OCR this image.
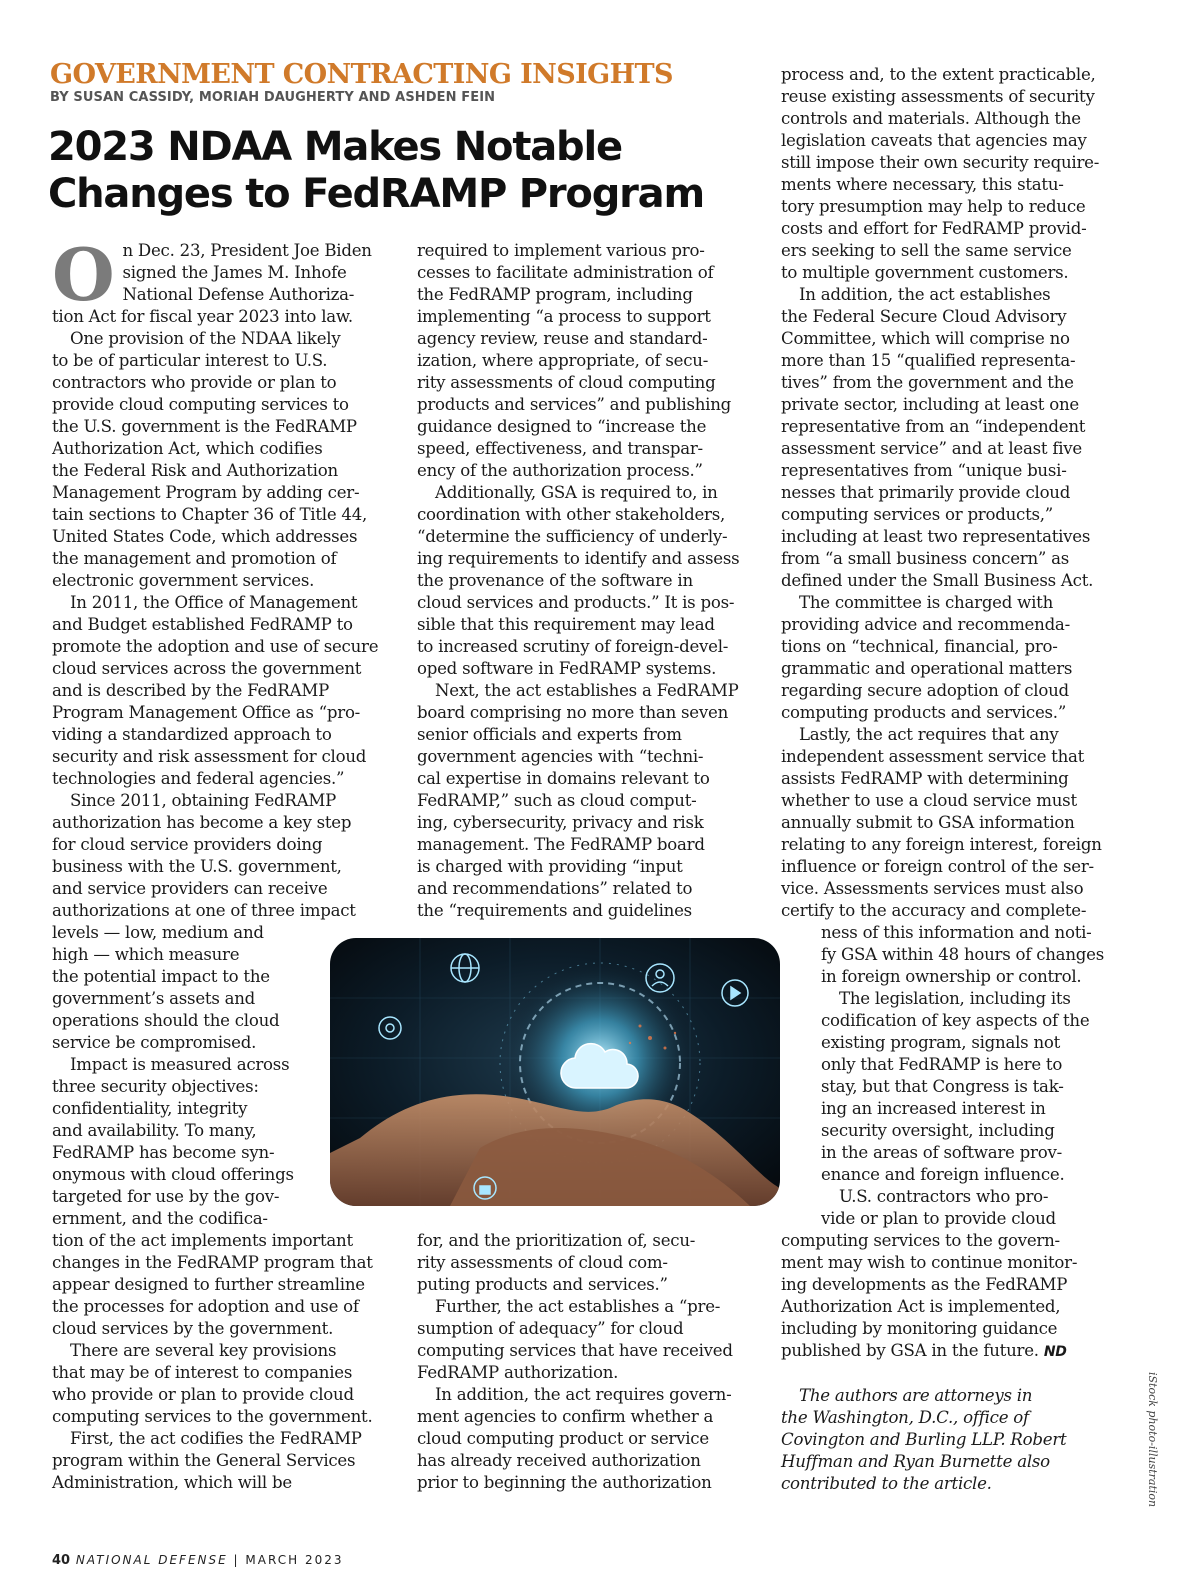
GOVERNMENT CONTRACTING INSIGHTS
BY SUSAN CASSIDY, MORIAH DAUGHERTY AND ASHDEN FEIN
2023 NDAA Makes Notable
Changes to FedRAMP Program
O n Dec. 23, President Joe Biden

signed the James M. Inhofe

National Defense Authoriza-

tion Act for fiscal year 2023 into law.

One provision of the NDAA likely

to be of particular interest to U.S.

contractors who provide or plan to

provide cloud computing services to

the U.S. government is the FedRAMP

Authorization Act, which codifies

the Federal Risk and Authorization

Management Program by adding cer-

tain sections to Chapter 36 of Title 44,

United States Code, which addresses

the management and promotion of

electronic government services.

In 2011, the Office of Management

and Budget established FedRAMP to

promote the adoption and use of secure

cloud services across the government

and is described by the FedRAMP

Program Management Office as “pro-

viding a standardized approach to

security and risk assessment for cloud

technologies and federal agencies.”

Since 2011, obtaining FedRAMP

authorization has become a key step

for cloud service providers doing

business with the U.S. government,

and service providers can receive

authorizations at one of three impact

levels — low, medium and

high — which measure

the potential impact to the

government’s assets and

operations should the cloud

service be compromised.

Impact is measured across

three security objectives:

confidentiality, integrity

and availability. To many,

FedRAMP has become syn-

onymous with cloud offerings

targeted for use by the gov-

ernment, and the codifica-

tion of the act implements important

changes in the FedRAMP program that

appear designed to further streamline

the processes for adoption and use of

cloud services by the government.

There are several key provisions

that may be of interest to companies

who provide or plan to provide cloud

computing services to the government.

First, the act codifies the FedRAMP

program within the General Services

Administration, which will be

required to implement various pro-

cesses to facilitate administration of

the FedRAMP program, including

implementing “a process to support

agency review, reuse and standard-

ization, where appropriate, of secu-

rity assessments of cloud computing

products and services” and publishing

guidance designed to “increase the

speed, effectiveness, and transpar-

ency of the authorization process.”

Additionally, GSA is required to, in

coordination with other stakeholders,

“determine the sufficiency of underly-

ing requirements to identify and assess

the provenance of the software in

cloud services and products.” It is pos-

sible that this requirement may lead

to increased scrutiny of foreign-devel-

oped software in FedRAMP systems.

Next, the act establishes a FedRAMP

board comprising no more than seven

senior officials and experts from

government agencies with “techni-

cal expertise in domains relevant to

FedRAMP,” such as cloud comput-

ing, cybersecurity, privacy and risk

management. The FedRAMP board

is charged with providing “input

and recommendations” related to

the “requirements and guidelines

for, and the prioritization of, secu-

rity assessments of cloud com-

puting products and services.”

Further, the act establishes a “pre-

sumption of adequacy” for cloud

computing services that have received

FedRAMP authorization.

In addition, the act requires govern-

ment agencies to confirm whether a

cloud computing product or service

has already received authorization

prior to beginning the authorization

process and, to the extent practicable,

reuse existing assessments of security

controls and materials. Although the

legislation caveats that agencies may

still impose their own security require-

ments where necessary, this statu-

tory presumption may help to reduce

costs and effort for FedRAMP provid-

ers seeking to sell the same service

to multiple government customers.

In addition, the act establishes

the Federal Secure Cloud Advisory

Committee, which will comprise no

more than 15 “qualified representa-

tives” from the government and the

private sector, including at least one

representative from an “independent

assessment service” and at least five

representatives from “unique busi-

nesses that primarily provide cloud

computing services or products,”

including at least two representatives

from “a small business concern” as

defined under the Small Business Act.

The committee is charged with

providing advice and recommenda-

tions on “technical, financial, pro-

grammatic and operational matters

regarding secure adoption of cloud

computing products and services.”

Lastly, the act requires that any

independent assessment service that

assists FedRAMP with determining

whether to use a cloud service must

annually submit to GSA information

relating to any foreign interest, foreign

influence or foreign control of the ser-

vice. Assessments services must also

certify to the accuracy and complete-

ness of this information and noti-

fy GSA within 48 hours of changes

in foreign ownership or control.

The legislation, including its

codification of key aspects of the

existing program, signals not

only that FedRAMP is here to

stay, but that Congress is tak-

ing an increased interest in

security oversight, including

in the areas of software prov-

enance and foreign influence.

U.S. contractors who pro-

vide or plan to provide cloud

computing services to the govern-

ment may wish to continue monitor-

ing developments as the FedRAMP

Authorization Act is implemented,

including by monitoring guidance

published by GSA in the future. ND

The authors are attorneys in

the Washington, D.C., office of

Covington and Burling LLP. Robert

Huffman and Ryan Burnette also

contributed to the article.	iStock photo-illustration
40 NATIONAL DEFENSE | MARCH 2023
